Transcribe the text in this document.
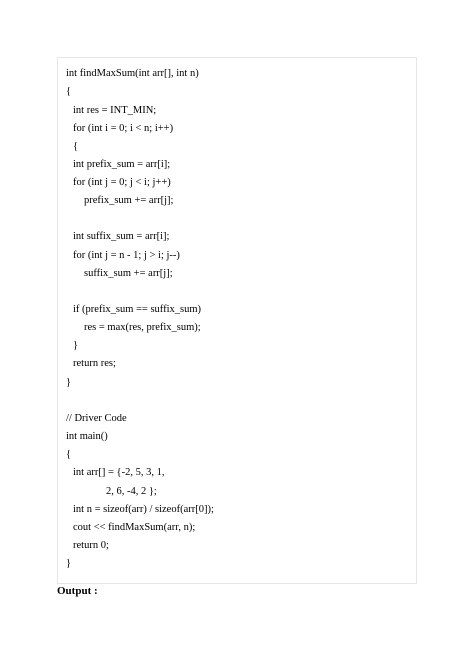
int findMaxSum(int arr[], int n)
{
int res = INT_MIN;
for (int i = 0; i < n; i++)
{
int prefix_sum = arr[i];
for (int j = 0; j < i; j++)
prefix_sum += arr[j];
int suffix_sum = arr[i];
for (int j = n - 1; j > i; j--)
suffix_sum += arr[j];
if (prefix_sum == suffix_sum)
res = max(res, prefix_sum);
}
return res;
}
// Driver Code
int main()
{
int arr[] = {-2, 5, 3, 1,
2, 6, -4, 2 };
int n = sizeof(arr) / sizeof(arr[0]);
cout << findMaxSum(arr, n);
return 0;
}
Output :
